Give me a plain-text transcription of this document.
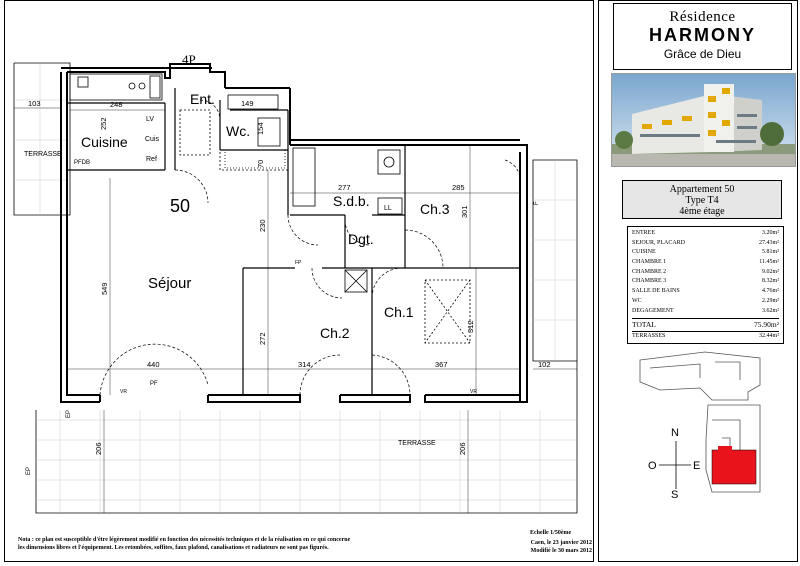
Résidence
HARMONY
Grâce de Dieu
Appartement 50
Type T4
4ème étage
ENTREE	3.20m²
SEJOUR, PLACARD	27.43m²
CUISINE	5.81m²
CHAMBRE 1	11.45m²
CHAMBRE 2	9.02m²
CHAMBRE 3	8.32m²
SALLE DE BAINS	4.76m²
WC	2.29m²
DEGAGEMENT	3.62m²
TOTAL	75.90m²
TERRASSES	32.44m²
N
S
O	E
Cuisine
Ent.
Wc.
Séjour
S.d.b.	Ch.3
Dgt.
Ch.2
Ch.1
TERRASSE
TERRASSE
4P
50
LV
Cuis
Ref
LL
PFDB
VR	VR
PF
EP
EP
FP
F
103	248
252
149
154
70
277	285
230
301
549
272
312
440	314	367	102
206	206
Echelle 1/50ème
Nota : ce plan est susceptible d'être légèrement modifié en fonction des nécessités techniques et de la réalisation en ce qui concerne
les dimensions libres et l'équipement. Les retombées, soffites, faux plafond, canalisations et radiateurs ne sont pas figurés.
Caen, le 23 janvier 2012
Modifié le 30 mars 2012
